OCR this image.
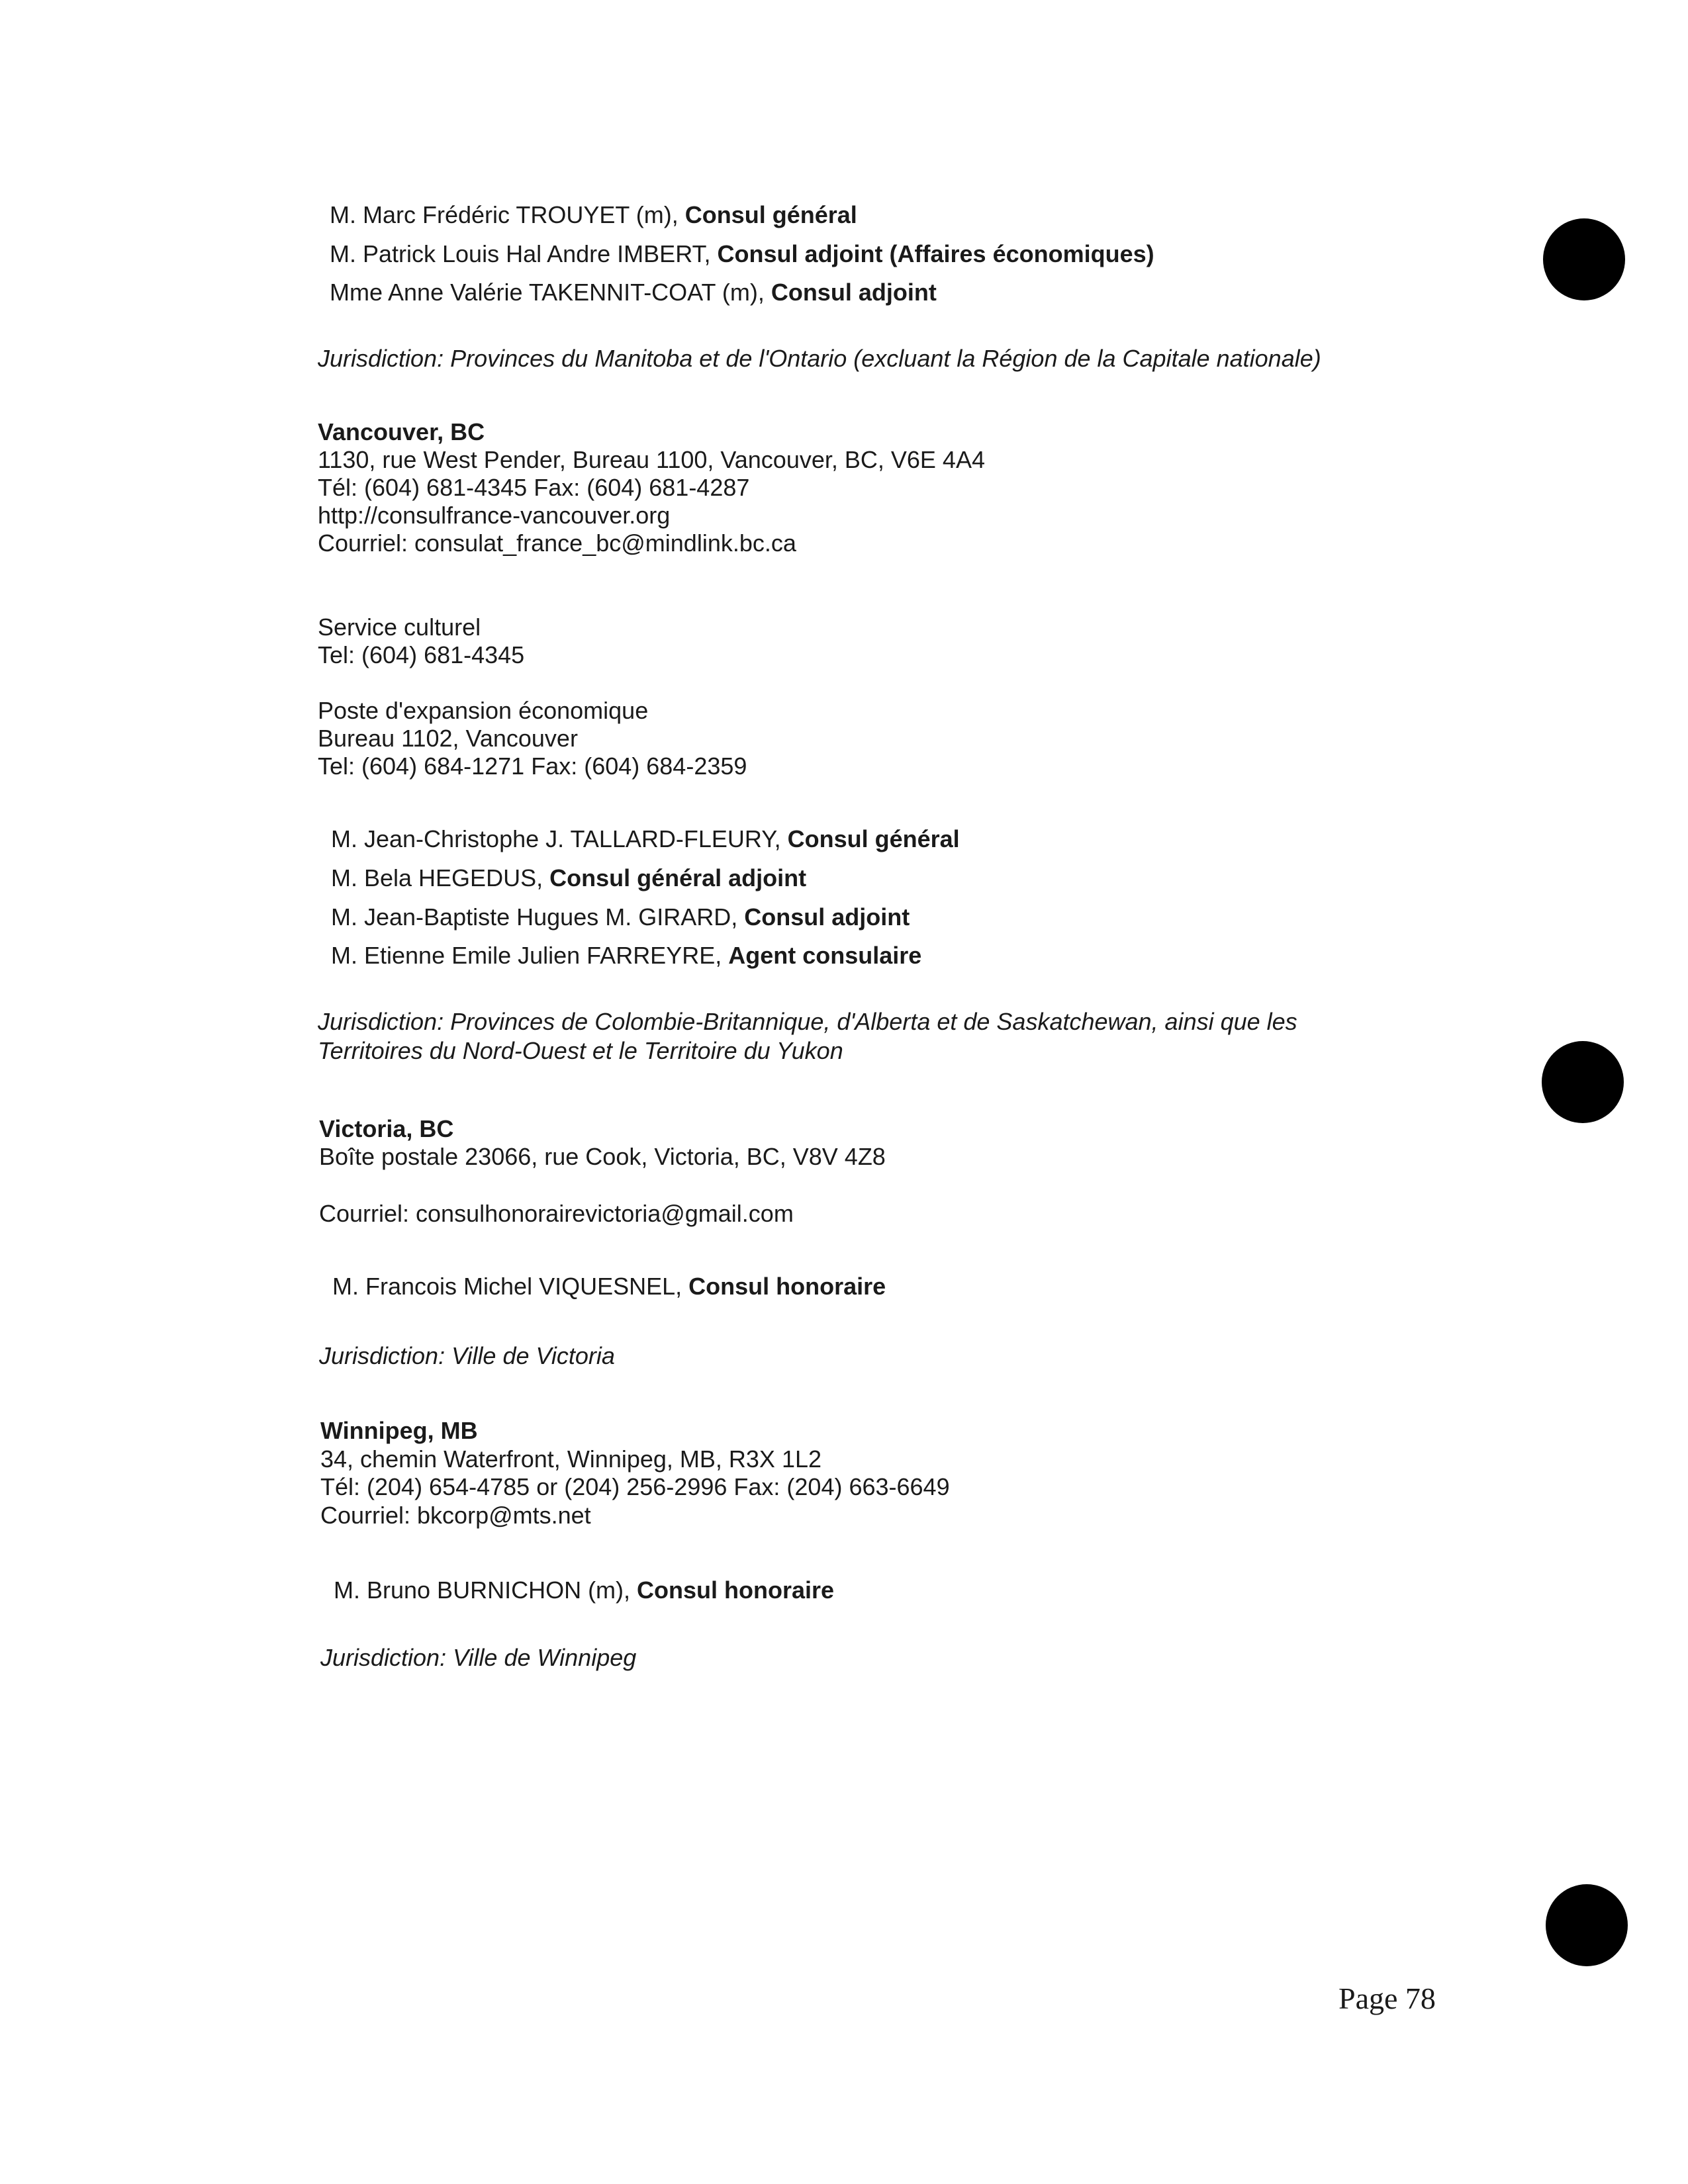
M. Marc Frédéric TROUYET (m), Consul général
M. Patrick Louis Hal Andre IMBERT, Consul adjoint (Affaires économiques)
Mme Anne Valérie TAKENNIT-COAT (m), Consul adjoint
Jurisdiction: Provinces du Manitoba et de l'Ontario (excluant la Région de la Capitale nationale)
Vancouver, BC
1130, rue West Pender, Bureau 1100, Vancouver, BC, V6E 4A4
Tél: (604) 681-4345 Fax: (604) 681-4287
http://consulfrance-vancouver.org
Courriel: consulat_france_bc@mindlink.bc.ca
Service culturel
Tel: (604) 681-4345
Poste d'expansion économique
Bureau 1102, Vancouver
Tel: (604) 684-1271 Fax: (604) 684-2359
M. Jean-Christophe J. TALLARD-FLEURY, Consul général
M. Bela HEGEDUS, Consul général adjoint
M. Jean-Baptiste Hugues M. GIRARD, Consul adjoint
M. Etienne Emile Julien FARREYRE, Agent consulaire
Jurisdiction: Provinces de Colombie-Britannique, d'Alberta et de Saskatchewan, ainsi que les
Territoires du Nord-Ouest et le Territoire du Yukon
Victoria, BC
Boîte postale 23066, rue Cook, Victoria, BC, V8V 4Z8
Courriel: consulhonorairevictoria@gmail.com
M. Francois Michel VIQUESNEL, Consul honoraire
Jurisdiction: Ville de Victoria
Winnipeg, MB
34, chemin Waterfront, Winnipeg, MB, R3X 1L2
Tél: (204) 654-4785 or (204) 256-2996 Fax: (204) 663-6649
Courriel: bkcorp@mts.net
M. Bruno BURNICHON (m), Consul honoraire
Jurisdiction: Ville de Winnipeg
Page 78
